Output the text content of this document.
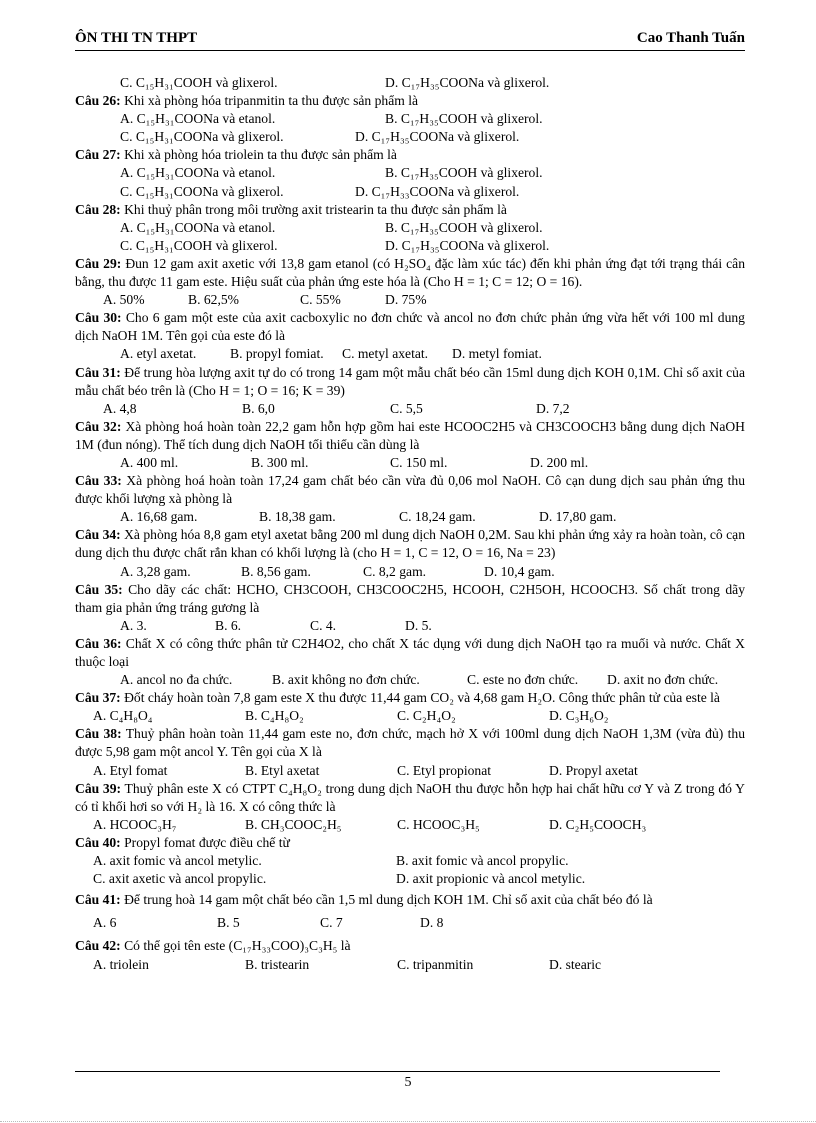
ÔN THI TN THPT	Cao Thanh Tuấn
C. C₁₅H₃₁COOH và glixerol.	D. C₁₇H₃₅COONa và glixerol.
Câu 26: Khi xà phòng hóa tripanmitin ta thu được sản phẩm là
A. C₁₅H₃₁COONa và etanol.	B. C₁₇H₃₅COOH và glixerol.
C. C₁₅H₃₁COONa và glixerol.	D. C₁₇H₃₅COONa và glixerol.
Câu 27: Khi xà phòng hóa triolein ta thu được sản phẩm là
A. C₁₅H₃₁COONa và etanol.	B. C₁₇H₃₅COOH và glixerol.
C. C₁₅H₃₁COONa và glixerol.	D. C₁₇H₃₃COONa và glixerol.
Câu 28: Khi thuỷ phân trong môi trường axit tristearin ta thu được sản phẩm là
A. C₁₅H₃₁COONa và etanol.	B. C₁₇H₃₅COOH và glixerol.
C. C₁₅H₃₁COOH và glixerol.	D. C₁₇H₃₅COONa và glixerol.
Câu 29: Đun 12 gam axit axetic với 13,8 gam etanol (có H₂SO₄ đặc làm xúc tác) đến khi phản ứng đạt tới trạng thái cân bằng, thu được 11 gam este. Hiệu suất của phản ứng este hóa là (Cho H = 1; C = 12; O = 16).
A. 50%	B. 62,5%	C. 55%	D. 75%
Câu 30: Cho 6 gam một este của axit cacboxylic no đơn chức và ancol no đơn chức phản ứng vừa hết với 100 ml dung dịch NaOH 1M. Tên gọi của este đó là
A. etyl axetat.	B. propyl fomiat.	C. metyl axetat.	D. metyl fomiat.
Câu 31: Để trung hòa lượng axit tự do có trong 14 gam một mẫu chất béo cần 15ml dung dịch KOH 0,1M. Chỉ số axit của mẫu chất béo trên là (Cho H = 1; O = 16; K = 39)
A. 4,8	B. 6,0	C. 5,5	D. 7,2
Câu 32: Xà phòng hoá hoàn toàn 22,2 gam hỗn hợp gồm hai este HCOOC2H5 và CH3COOCH3 bằng dung dịch NaOH 1M (đun nóng). Thể tích dung dịch NaOH tối thiểu cần dùng là
A. 400 ml.	B. 300 ml.	C. 150 ml.	D. 200 ml.
Câu 33: Xà phòng hoá hoàn toàn 17,24 gam chất béo cần vừa đủ 0,06 mol NaOH. Cô cạn dung dịch sau phản ứng thu được khối lượng xà phòng là
A. 16,68 gam.	B. 18,38 gam.	C. 18,24 gam.	D. 17,80 gam.
Câu 34: Xà phòng hóa 8,8 gam etyl axetat bằng 200 ml dung dịch NaOH 0,2M. Sau khi phản ứng xảy ra hoàn toàn, cô cạn dung dịch thu được chất rắn khan có khối lượng là (cho H = 1, C = 12, O = 16, Na = 23)
A. 3,28 gam.	B. 8,56 gam.	C. 8,2 gam.	D. 10,4 gam.
Câu 35: Cho dãy các chất: HCHO, CH3COOH, CH3COOC2H5, HCOOH, C2H5OH, HCOOCH3. Số chất trong dãy tham gia phản ứng tráng gương là
A. 3.	B. 6.	C. 4.	D. 5.
Câu 36: Chất X có công thức phân tử C2H4O2, cho chất X tác dụng với dung dịch NaOH tạo ra muối và nước. Chất X thuộc loại
A. ancol no đa chức.	B. axit không no đơn chức.	C. este no đơn chức.	D. axit no đơn chức.
Câu 37: Đốt cháy hoàn toàn 7,8 gam este X thu được 11,44 gam CO₂ và 4,68 gam H₂O. Công thức phân tử của este là
A. C₄H₈O₄	B. C₄H₈O₂	C. C₂H₄O₂	D. C₃H₆O₂
Câu 38: Thuỷ phân hoàn toàn 11,44 gam este no, đơn chức, mạch hở X với 100ml dung dịch NaOH 1,3M (vừa đủ) thu được 5,98 gam một ancol Y. Tên gọi của X là
A. Etyl fomat	B. Etyl axetat	C. Etyl propionat	D. Propyl axetat
Câu 39: Thuỷ phân este X có CTPT C₄H₈O₂ trong dung dịch NaOH thu được hỗn hợp hai chất hữu cơ Y và Z trong đó Y có tỉ khối hơi so với H₂ là 16. X có công thức là
A. HCOOC₃H₇	B. CH₃COOC₂H₅	C. HCOOC₃H₅	D. C₂H₅COOCH₃
Câu 40: Propyl fomat được điều chế từ
A. axit fomic và ancol metylic.	B. axit fomic và ancol propylic.
C. axit axetic và ancol propylic.	D. axit propionic và ancol metylic.
Câu 41: Để trung hoà 14 gam một chất béo cần 1,5 ml dung dịch KOH 1M. Chỉ số axit của chất béo đó là
A. 6	B. 5	C. 7	D. 8
Câu 42: Có thể gọi tên este (C₁₇H₃₃COO)₃C₃H₅ là
A. triolein	B. tristearin	C. tripanmitin	D. stearic
5
